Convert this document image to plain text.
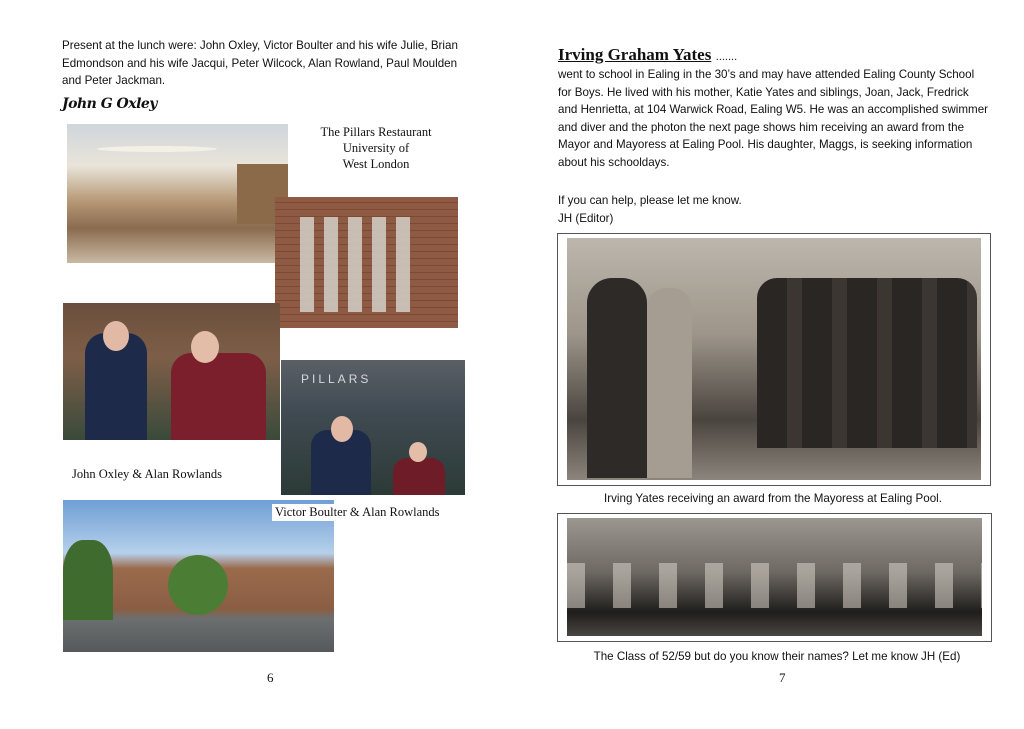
Present at the lunch were: John Oxley, Victor Boulter and his wife Julie, Brian Edmondson and his wife Jacqui, Peter Wilcock, Alan Rowland, Paul Moulden and Peter Jackman.
John G Oxley
The Pillars Restaurant
University of
West London
PILLARS
John Oxley & Alan Rowlands
Victor Boulter & Alan Rowlands
6
Irving Graham Yates .......
went to school in Ealing in the 30’s and may have attended Ealing County School for Boys. He lived with his mother, Katie Yates and siblings, Joan, Jack, Fredrick and Henrietta, at 104 Warwick Road, Ealing W5. He was an accomplished swimmer and diver and the photon the next page shows him receiving an award from the Mayor and Mayoress at Ealing Pool. His daughter, Maggs, is seeking information about his schooldays.
If you can help, please let me know.
JH (Editor)
Irving Yates receiving an award from the Mayoress at Ealing Pool.
The Class of 52/59 but do you know their names? Let me know JH (Ed)
7
